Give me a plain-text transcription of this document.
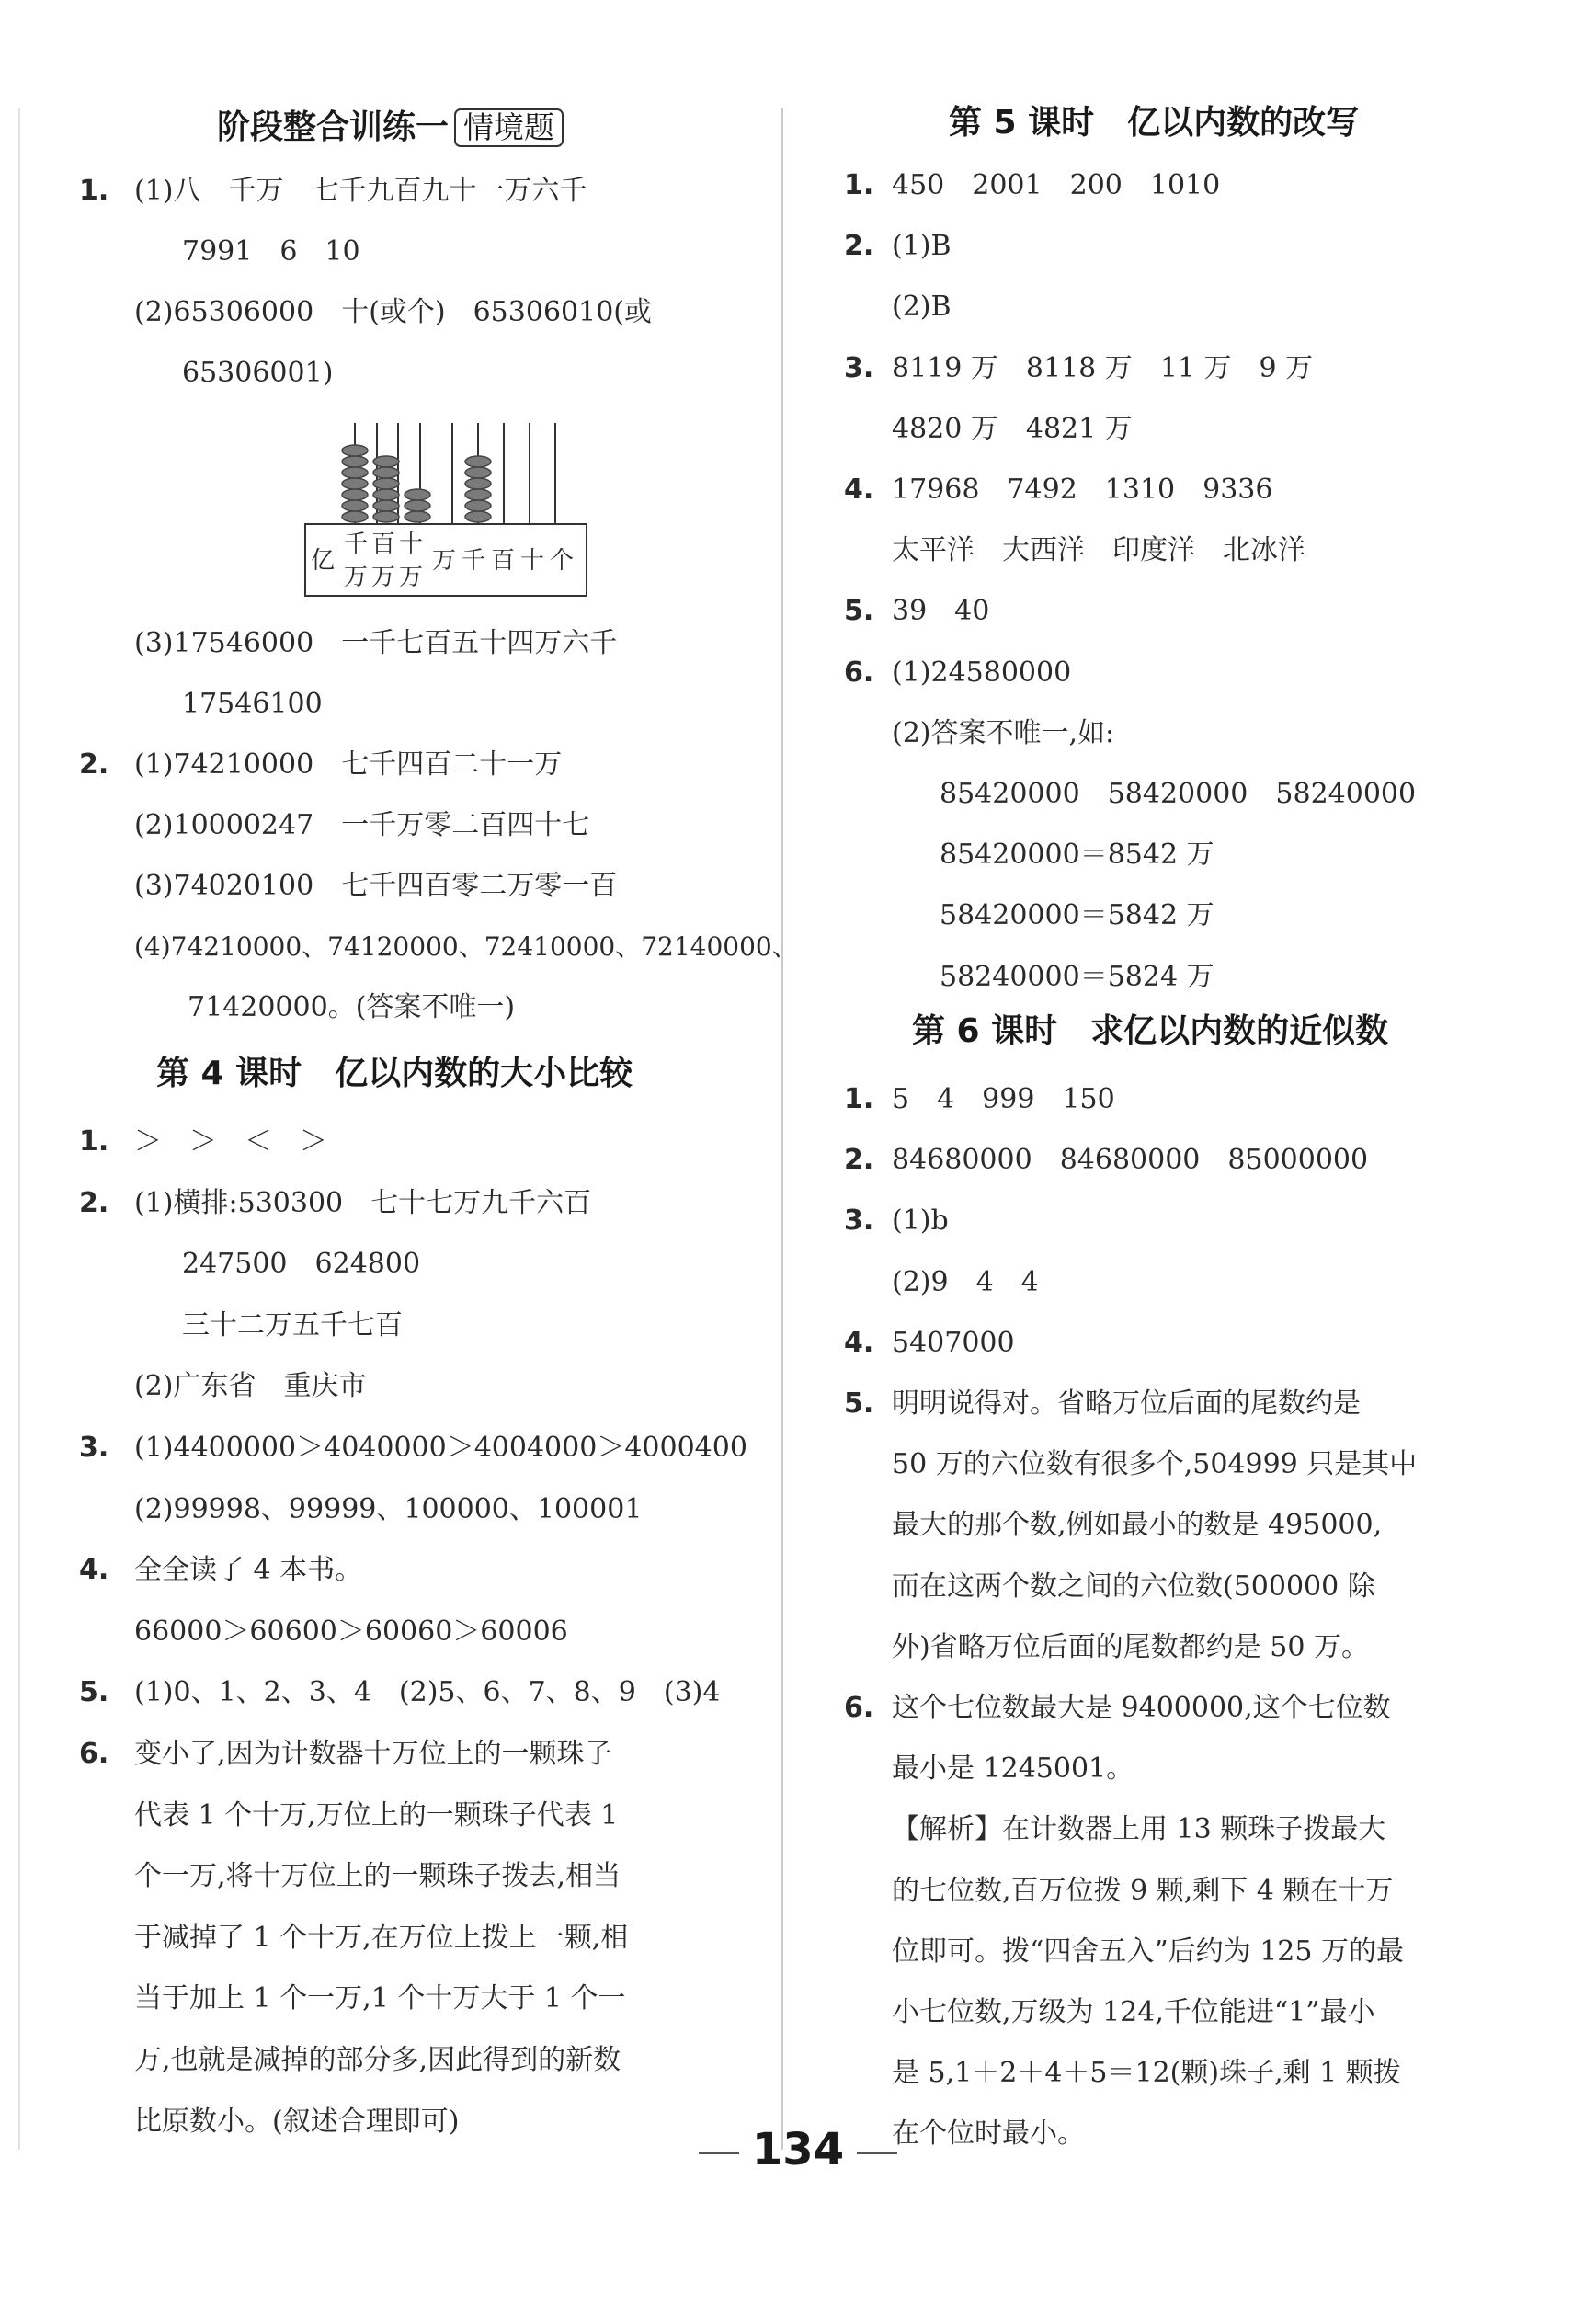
阶段整合训练一 情境题
1. (1)八　千万　七千九百九十一万六千
7991　6　10
(2)65306000　十(或个)　65306010(或
65306001)
亿
千 百 十
万 万 万
万 千 百 十 个
(3)17546000　一千七百五十四万六千
17546100
2. (1)74210000　七千四百二十一万
(2)10000247　一千万零二百四十七
(3)74020100　七千四百零二万零一百
(4)74210000、74120000、72410000、72140000、
71420000。(答案不唯一)
第 4 课时　亿以内数的大小比较
1. ＞　＞　＜　＞
2. (1)横排:530300　七十七万九千六百
247500　624800
三十二万五千七百
(2)广东省　重庆市
3. (1)4400000＞4040000＞4004000＞4000400
(2)99998、99999、100000、100001
4. 全全读了 4 本书。
66000＞60600＞60060＞60006
5. (1)0、1、2、3、4　(2)5、6、7、8、9　(3)4
6. 变小了,因为计数器十万位上的一颗珠子
代表 1 个十万,万位上的一颗珠子代表 1
个一万,将十万位上的一颗珠子拨去,相当
于减掉了 1 个十万,在万位上拨上一颗,相
当于加上 1 个一万,1 个十万大于 1 个一
万,也就是减掉的部分多,因此得到的新数
比原数小。(叙述合理即可)
第 5 课时　亿以内数的改写
1. 450　2001　200　1010
2. (1)B
(2)B
3. 8119 万　8118 万　11 万　9 万
4820 万　4821 万
4. 17968　7492　1310　9336
太平洋　大西洋　印度洋　北冰洋
5. 39　40
6. (1)24580000
(2)答案不唯一,如:
85420000　58420000　58240000
85420000＝8542 万
58420000＝5842 万
58240000＝5824 万
第 6 课时　求亿以内数的近似数
1. 5　4　999　150
2. 84680000　84680000　85000000
3. (1)b
(2)9　4　4
4. 5407000
5. 明明说得对。省略万位后面的尾数约是
50 万的六位数有很多个,504999 只是其中
最大的那个数,例如最小的数是 495000,
而在这两个数之间的六位数(500000 除
外)省略万位后面的尾数都约是 50 万。
6. 这个七位数最大是 9400000,这个七位数
最小是 1245001。
【解析】在计数器上用 13 颗珠子拨最大
的七位数,百万位拨 9 颗,剩下 4 颗在十万
位即可。拨“四舍五入”后约为 125 万的最
小七位数,万级为 124,千位能进“1”最小
是 5,1＋2＋4＋5＝12(颗)珠子,剩 1 颗拨
在个位时最小。
134
